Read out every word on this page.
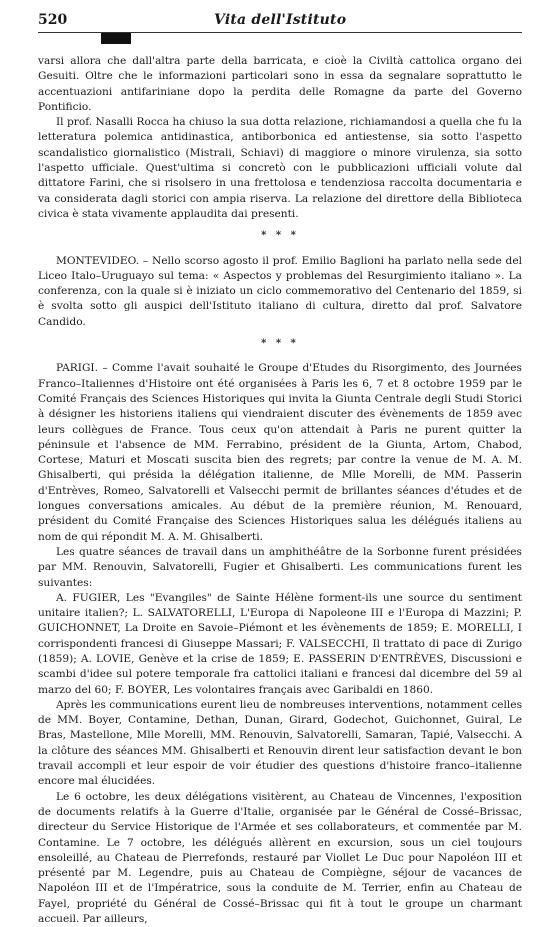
520	Vita dell'Istituto

varsi allora che dall'altra parte della barricata, e cioè la Civiltà cattolica organo dei Gesuiti. Oltre che le informazioni particolari sono in essa da segnalare soprattutto le accentuazioni antifariniane dopo la perdita delle Romagne da parte del Governo Pontificio.

Il prof. Nasalli Rocca ha chiuso la sua dotta relazione, richiamandosi a quella che fu la letteratura polemica antidinastica, antiborbonica ed antiestense, sia sotto l'aspetto scandalistico giornalistico (Mistrali, Schiavi) di maggiore o minore virulenza, sia sotto l'aspetto ufficiale. Quest'ultima si concretò con le pubblicazioni ufficiali volute dal dittatore Farini, che si risolsero in una frettolosa e tendenziosa raccolta documentaria e va considerata dagli storici con ampia riserva. La relazione del direttore della Biblioteca civica è stata vivamente applaudita dai presenti.

* * *

MONTEVIDEO. – Nello scorso agosto il prof. Emilio Baglioni ha parlato nella sede del Liceo Italo–Uruguayo sul tema: « Aspectos y problemas del Resurgimiento italiano ». La conferenza, con la quale si è iniziato un ciclo commemorativo del Centenario del 1859, si è svolta sotto gli auspici dell'Istituto italiano di cultura, diretto dal prof. Salvatore Candido.

* * *

PARIGI. – Comme l'avait souhaité le Groupe d'Etudes du Risorgimento, des Journées Franco–Italiennes d'Histoire ont été organisées à Paris les 6, 7 et 8 octobre 1959 par le Comité Français des Sciences Historiques qui invita la Giunta Centrale degli Studi Storici à désigner les historiens italiens qui viendraient discuter des évènements de 1859 avec leurs collègues de France. Tous ceux qu'on attendait à Paris ne purent quitter la péninsule et l'absence de MM. Ferrabino, président de la Giunta, Artom, Chabod, Cortese, Maturi et Moscati suscita bien des regrets; par contre la venue de M. A. M. Ghisalberti, qui présida la délégation italienne, de Mlle Morelli, de MM. Passerin d'Entrèves, Romeo, Salvatorelli et Valsecchi permit de brillantes séances d'études et de longues conversations amicales. Au début de la première réunion, M. Renouard, président du Comité Française des Sciences Historiques salua les délégués italiens au nom de qui répondit M. A. M. Ghisalberti.

Les quatre séances de travail dans un amphithéâtre de la Sorbonne furent présidées par MM. Renouvin, Salvatorelli, Fugier et Ghisalberti. Les communications furent les suivantes:

A. FUGIER, Les "Evangiles" de Sainte Hélène forment-ils une source du sentiment unitaire italien?; L. SALVATORELLI, L'Europa di Napoleone III e l'Europa di Mazzini; P. GUICHONNET, La Droite en Savoie–Piémont et les évènements de 1859; E. MORELLI, I corrispondenti francesi di Giuseppe Massari; F. VALSECCHI, Il trattato di pace di Zurigo (1859); A. LOVIE, Genève et la crise de 1859; E. PASSERIN D'ENTRÈVES, Discussioni e scambi d'idee sul potere temporale fra cattolici italiani e francesi dal dicembre del 59 al marzo del 60; F. BOYER, Les volontaires français avec Garibaldi en 1860.

Après les communications eurent lieu de nombreuses interventions, notamment celles de MM. Boyer, Contamine, Dethan, Dunan, Girard, Godechot, Guichonnet, Guiral, Le Bras, Mastellone, Mlle Morelli, MM. Renouvin, Salvatorelli, Samaran, Tapié, Valsecchi. A la clôture des séances MM. Ghisalberti et Renouvin dirent leur satisfaction devant le bon travail accompli et leur espoir de voir étudier des questions d'histoire franco–italienne encore mal élucidées.

Le 6 octobre, les deux délégations visitèrent, au Chateau de Vincennes, l'exposition de documents relatifs à la Guerre d'Italie, organisée par le Général de Cossé–Brissac, directeur du Service Historique de l'Armée et ses collaborateurs, et commentée par M. Contamine. Le 7 octobre, les délégués allèrent en excursion, sous un ciel toujours ensoleillé, au Chateau de Pierrefonds, restauré par Viollet Le Duc pour Napoléon III et présenté par M. Legendre, puis au Chateau de Compiègne, séjour de vacances de Napoléon III et de l'Impératrice, sous la conduite de M. Terrier, enfin au Chateau de Fayel, propriété du Général de Cossé–Brissac qui fit à tout le groupe un charmant accueil. Par ailleurs,
